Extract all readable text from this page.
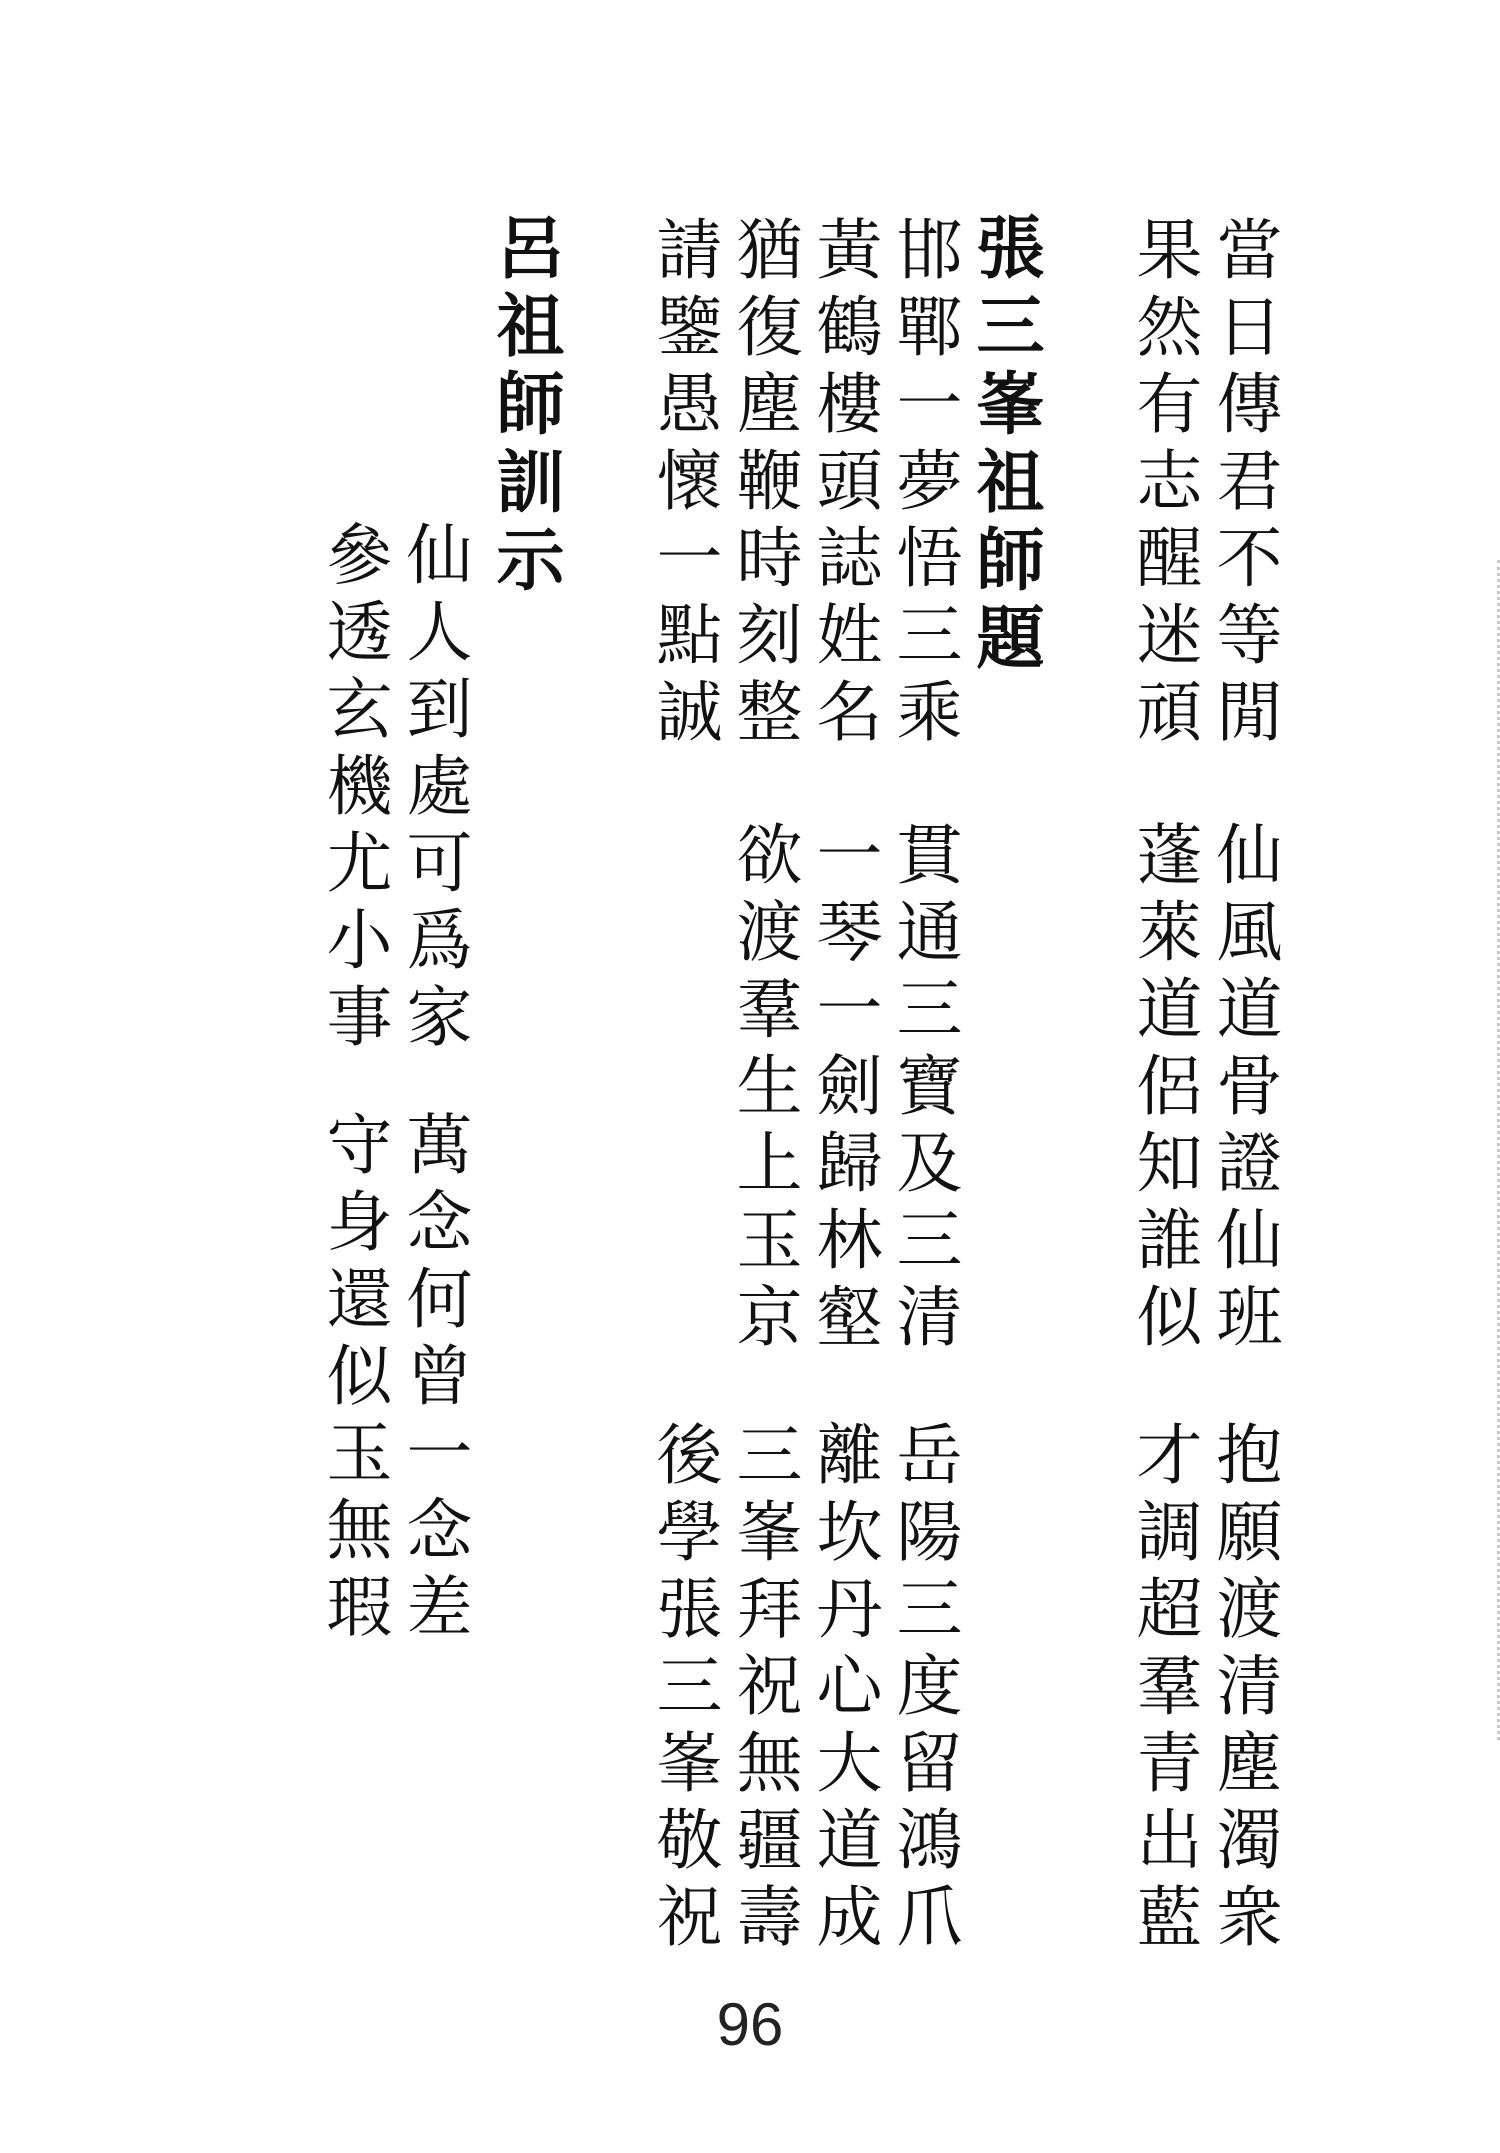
當日傳君不等閒

果然有志醒迷頑

仙風道骨證仙班

蓬萊道侶知誰似

抱願渡清塵濁衆

才調超羣青出藍

張三峯祖師題

邯鄲一夢悟三乘

黃鶴樓頭誌姓名

猶復塵鞭時刻整

請鑒愚懷一點誠

貫通三寶及三清

一琴一劍歸林壑

欲渡羣生上玉京

岳陽三度留鴻爪

離坎丹心大道成

三峯拜祝無疆壽

後學張三峯敬祝

呂祖師訓示

仙人到處可爲家

參透玄機尤小事

萬念何曾一念差

守身還似玉無瑕

96
